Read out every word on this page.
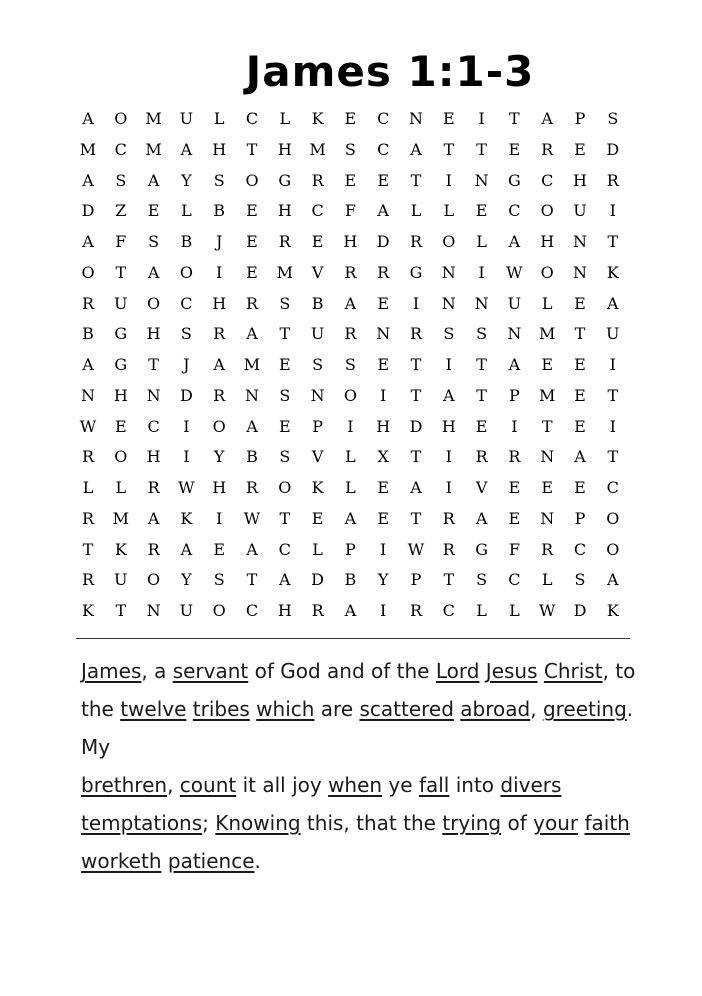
James 1:1-3
A	O	M	U	L	C	L	K	E	C	N	E	I	T	A	P	S
M	C	M	A	H	T	H	M	S	C	A	T	T	E	R	E	D
A	S	A	Y	S	O	G	R	E	E	T	I	N	G	C	H	R
D	Z	E	L	B	E	H	C	F	A	L	L	E	C	O	U	I
A	F	S	B	J	E	R	E	H	D	R	O	L	A	H	N	T
O	T	A	O	I	E	M	V	R	R	G	N	I	W	O	N	K
R	U	O	C	H	R	S	B	A	E	I	N	N	U	L	E	A
B	G	H	S	R	A	T	U	R	N	R	S	S	N	M	T	U
A	G	T	J	A	M	E	S	S	E	T	I	T	A	E	E	I
N	H	N	D	R	N	S	N	O	I	T	A	T	P	M	E	T
W	E	C	I	O	A	E	P	I	H	D	H	E	I	T	E	I
R	O	H	I	Y	B	S	V	L	X	T	I	R	R	N	A	T
L	L	R	W	H	R	O	K	L	E	A	I	V	E	E	E	C
R	M	A	K	I	W	T	E	A	E	T	R	A	E	N	P	O
T	K	R	A	E	A	C	L	P	I	W	R	G	F	R	C	O
R	U	O	Y	S	T	A	D	B	Y	P	T	S	C	L	S	A
K	T	N	U	O	C	H	R	A	I	R	C	L	L	W	D	K
James, a servant of God and of the Lord Jesus Christ, to
the twelve tribes which are scattered abroad, greeting. My
brethren, count it all joy when ye fall into divers
temptations; Knowing this, that the trying of your faith
worketh patience.
